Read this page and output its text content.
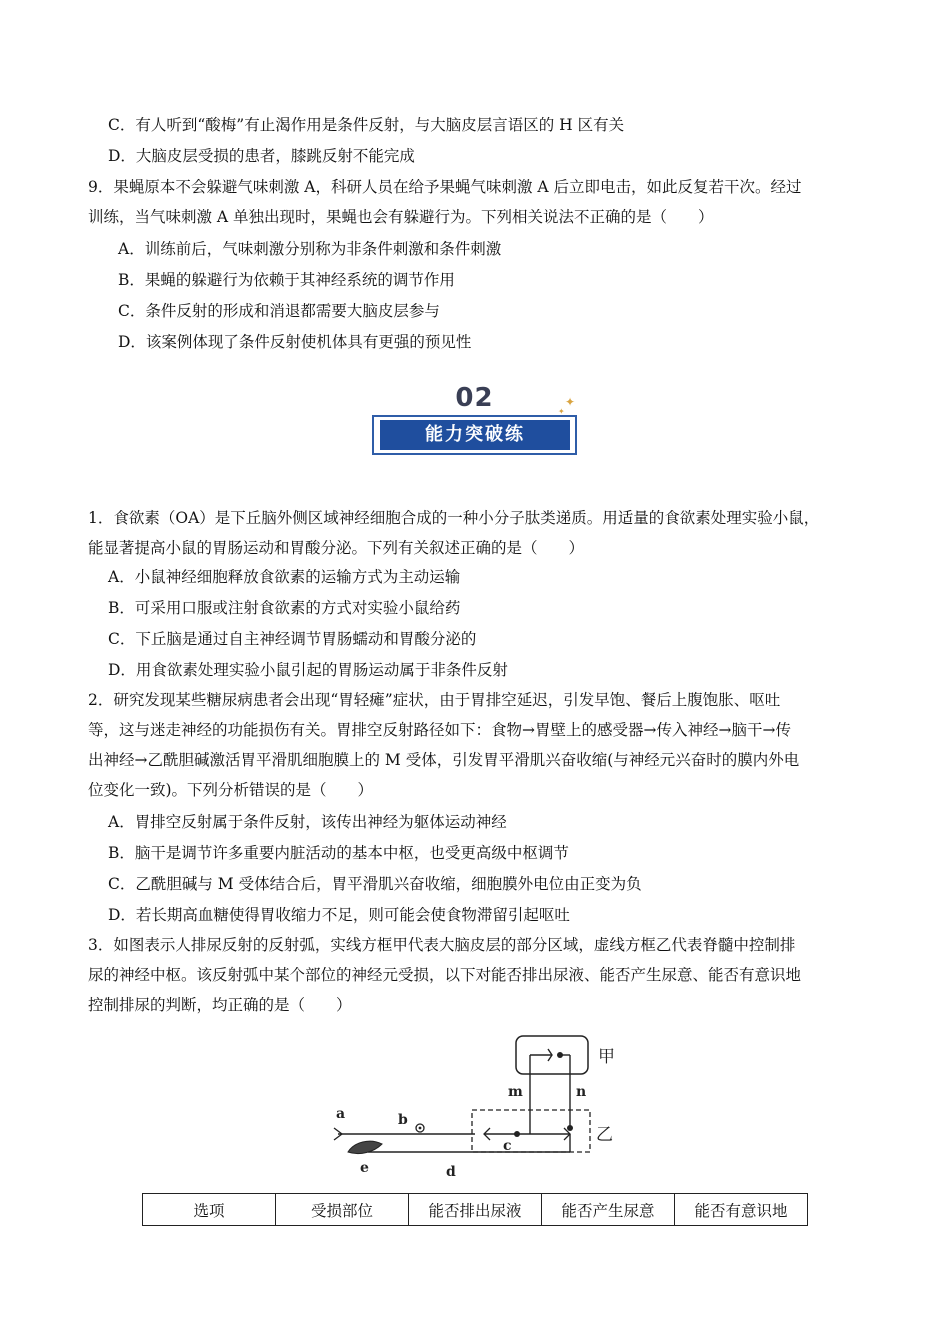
C．有人听到“酸梅”有止渴作用是条件反射，与大脑皮层言语区的 H 区有关
D．大脑皮层受损的患者，膝跳反射不能完成
9．果蝇原本不会躲避气味刺激 A，科研人员在给予果蝇气味刺激 A 后立即电击，如此反复若干次。经过
训练，当气味刺激 A 单独出现时，果蝇也会有躲避行为。下列相关说法不正确的是（　　）
A．训练前后，气味刺激分别称为非条件刺激和条件刺激
B．果蝇的躲避行为依赖于其神经系统的调节作用
C．条件反射的形成和消退都需要大脑皮层参与
D．该案例体现了条件反射使机体具有更强的预见性
02
能力突破练
✦
✦
1．食欲素（OA）是下丘脑外侧区域神经细胞合成的一种小分子肽类递质。用适量的食欲素处理实验小鼠，
能显著提高小鼠的胃肠运动和胃酸分泌。下列有关叙述正确的是（　　）
A．小鼠神经细胞释放食欲素的运输方式为主动运输
B．可采用口服或注射食欲素的方式对实验小鼠给药
C．下丘脑是通过自主神经调节胃肠蠕动和胃酸分泌的
D．用食欲素处理实验小鼠引起的胃肠运动属于非条件反射
2．研究发现某些糖尿病患者会出现“胃轻瘫”症状，由于胃排空延迟，引发早饱、餐后上腹饱胀、呕吐
等，这与迷走神经的功能损伤有关。胃排空反射路径如下：食物→胃壁上的感受器→传入神经→脑干→传
出神经→乙酰胆碱激活胃平滑肌细胞膜上的 M 受体，引发胃平滑肌兴奋收缩(与神经元兴奋时的膜内外电
位变化一致)。下列分析错误的是（　　）
A．胃排空反射属于条件反射，该传出神经为躯体运动神经
B．脑干是调节许多重要内脏活动的基本中枢，也受更高级中枢调节
C．乙酰胆碱与 M 受体结合后，胃平滑肌兴奋收缩，细胞膜外电位由正变为负
D．若长期高血糖使得胃收缩力不足，则可能会使食物滞留引起呕吐
3．如图表示人排尿反射的反射弧，实线方框甲代表大脑皮层的部分区域，虚线方框乙代表脊髓中控制排
尿的神经中枢。该反射弧中某个部位的神经元受损，以下对能否排出尿液、能否产生尿意、能否有意识地
控制排尿的判断，均正确的是（　　）
甲
乙
m	n
a	b
c
d
e
选项	受损部位	能否排出尿液	能否产生尿意	能否有意识地
